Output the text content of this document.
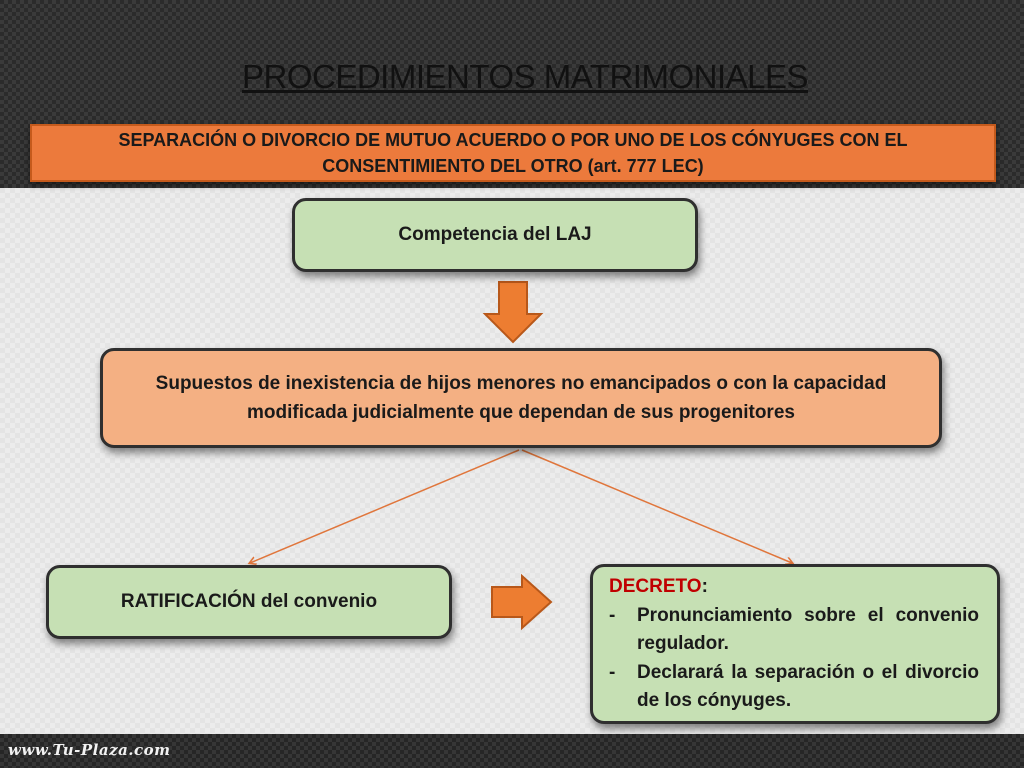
PROCEDIMIENTOS MATRIMONIALES
SEPARACIÓN O DIVORCIO DE MUTUO ACUERDO O POR UNO DE LOS CÓNYUGES CON EL CONSENTIMIENTO DEL OTRO (art. 777 LEC)
Competencia del LAJ
Supuestos de inexistencia de hijos menores no emancipados o con la capacidad modificada judicialmente que dependan de sus progenitores
RATIFICACIÓN del convenio
DECRETO:
-	Pronunciamiento sobre el convenio regulador.
-	Declarará la separación o el divorcio de los cónyuges.
www.Tu-Plaza.com
